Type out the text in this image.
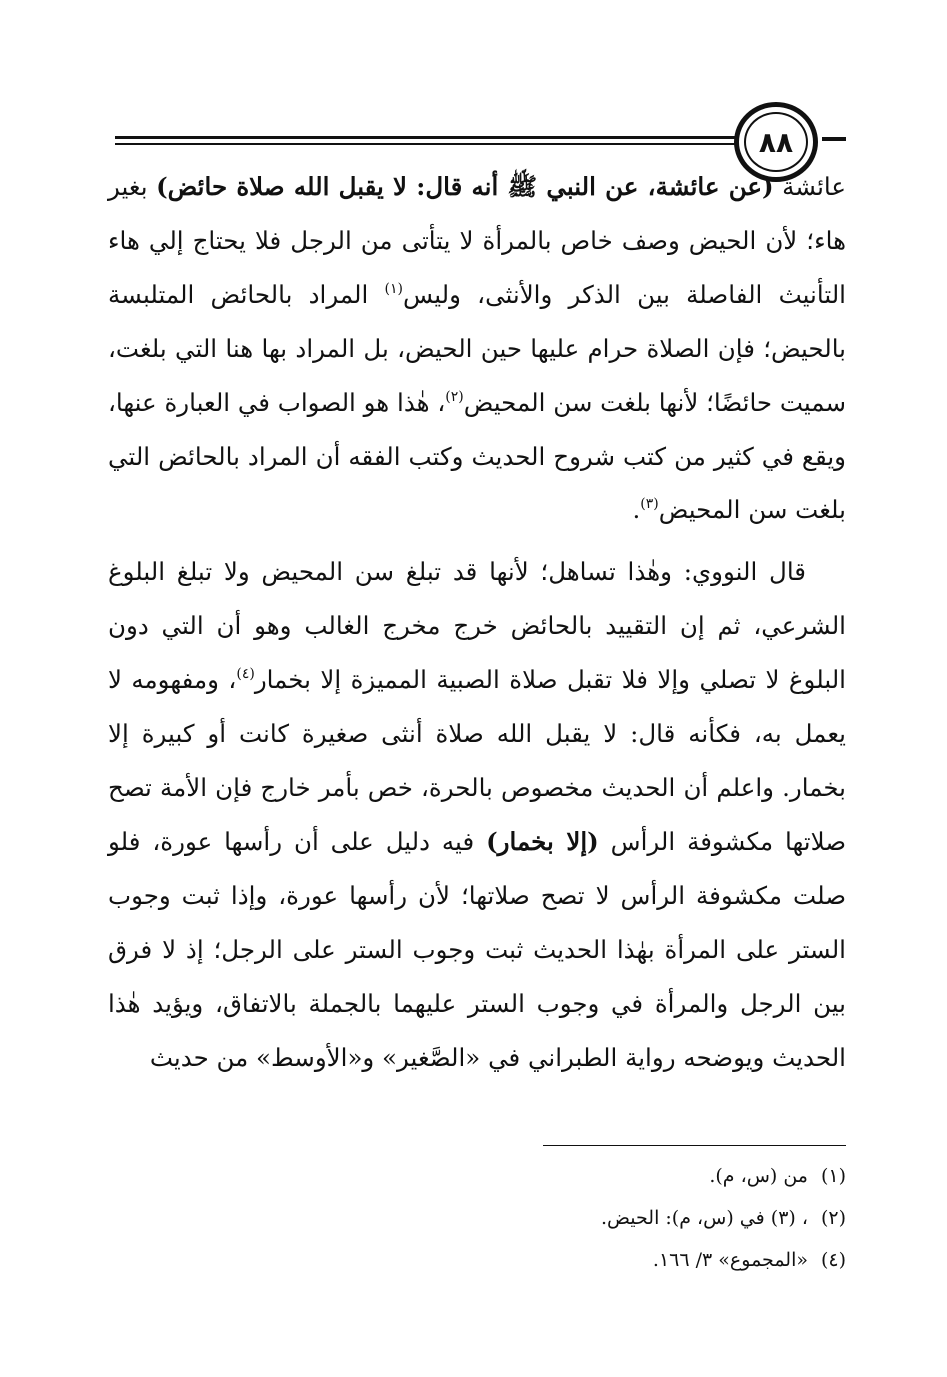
٨٨

عائشة (عن عائشة، عن النبي ﷺ أنه قال: لا يقبل الله صلاة حائض) بغير هاء؛ لأن الحيض وصف خاص بالمرأة لا يتأتى من الرجل فلا يحتاج إلي هاء التأنيث الفاصلة بين الذكر والأنثى، وليس$^{(١)}$ المراد بالحائض المتلبسة بالحيض؛ فإن الصلاة حرام عليها حين الحيض، بل المراد بها هنا التي بلغت، سميت حائضًا؛ لأنها بلغت سن المحيض$^{(٢)}$، هٰذا هو الصواب في العبارة عنها، ويقع في كثير من كتب شروح الحديث وكتب الفقه أن المراد بالحائض التي بلغت سن المحيض$^{(٣)}$.

قال النووي: وهٰذا تساهل؛ لأنها قد تبلغ سن المحيض ولا تبلغ البلوغ الشرعي، ثم إن التقييد بالحائض خرج مخرج الغالب وهو أن التي دون البلوغ لا تصلي وإلا فلا تقبل صلاة الصبية المميزة إلا بخمار$^{(٤)}$، ومفهومه لا يعمل به، فكأنه قال: لا يقبل الله صلاة أنثى صغيرة كانت أو كبيرة إلا بخمار. واعلم أن الحديث مخصوص بالحرة، خص بأمر خارج فإن الأمة تصح صلاتها مكشوفة الرأس (إلا بخمار) فيه دليل على أن رأسها عورة، فلو صلت مكشوفة الرأس لا تصح صلاتها؛ لأن رأسها عورة، وإذا ثبت وجوب الستر على المرأة بهٰذا الحديث ثبت وجوب الستر على الرجل؛ إذ لا فرق بين الرجل والمرأة في وجوب الستر عليهما بالجملة بالاتفاق، ويؤيد هٰذا الحديث ويوضحه رواية الطبراني في «الصَّغير» و«الأوسط» من حديث

(١)من (س، م).

(٢)، (٣) في (س، م): الحيض.

(٤)«المجموع» ٣/ ١٦٦.
